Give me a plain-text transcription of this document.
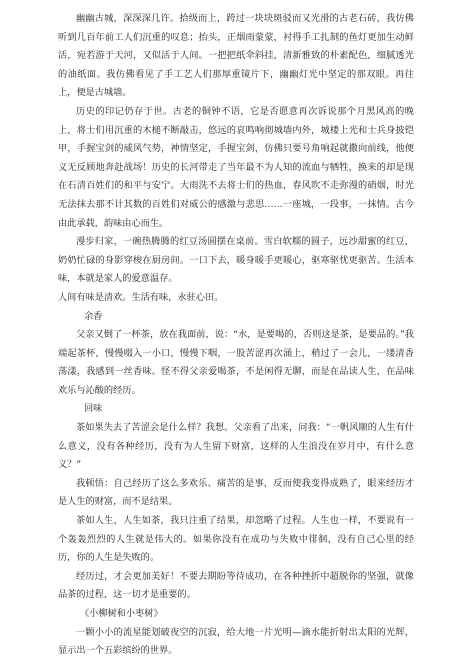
幽幽古城，深深深几许。拾级而上，跨过一块块斑驳而又光滑的古老石砖，我仿佛听到几百年前工人们沉重的叹息；抬头，正烟雨蒙蒙，衬得手工扎制的鱼灯更加生动鲜活，宛若游于天河，又似活于人间。一把把纸伞斜挂，清新雅致的朴素配色，细腻透光的油纸面。我仿佛看见了手工艺人们那厚重镜片下，幽幽灯光中坚定的那双眼。再往上，便是古城墙。

历史的印记仍存于世。古老的铜钟不语，它是否愿意再次诉说那个月黑风高的晚上，将士们用沉重的木槌不断敲击，悠远的哀鸣响彻城墙内外，城楼上光和士兵身披铠甲，手握宝剑的威风气势，神情坚定，手握宝剑，仿佛只要号角响起就撒向前线，他便义无反顾地奔赴战场！历史的长河带走了当年最不为人知的流血与牺牲，换来的却是现在石清百姓们的和平与安宁。大雨洗不去将士们的热血，春风吹不走弥漫的硝烟，时光无法抹去那不计其数的百姓们对威公的感激与悲思……一座城，一段事，一抹情。古今由此承载，韵味由心而生。

漫步归家，一碗热腾腾的红豆汤圆摆在桌前。雪白软糯的圆子，远沙甜蜜的红豆，奶奶忙碌的身影穿梭在厨房间。一口下去，暖身暖手更暖心，驱寒驱忧更驱苦。生活本味，本就是家人的爱意温存。

人间有味是清欢。生活有味，永驻心田。

余香

父亲又倒了一杯茶，放在我面前，说：“水，是要喝的，否则这是茶，是要品的。”我端起茶杯，慢慢啜入一小口，慢慢下咽，一股苦涩再次涌上，稍过了一会儿，一缕清香荡漾，我感到一丝香味。怪不得父亲爱喝茶，不是闲得无聊，而是在品读人生，在品味欢乐与沁酸的经历。

回味

茶如果失去了苦涩会是什么样？我想。父亲看了出来，问我：“一帆风顺的人生有什么意义，没有各种经历，没有为人生留下财富，这样的人生浪没在岁月中，有什么意义？”

我顿悟：自己经历了这么多欢乐、痛苦的是事，反而使我变得成熟了，眼来经历才是人生的财富，而不是结果。

茶如人生，人生如茶，我只注重了结果，却忽略了过程。人生也一样，不要说有一个轰轰烈烈的人生就是伟大的。如果你没有在成功与失败中徘徊，没有自己心里的经历，你的人生是失败的。

经历过，才会更加美好！不要去期盼等待成功，在各种挫折中超脱你的坚强，就像品茶的过程，这一切才是重要的。

《小柳树和小枣树》

一颗小小的流星能划破夜空的沉寂，给大地一片光明—滴水能折射出太阳的光辉，显示出一个五彩缤纷的世界。
